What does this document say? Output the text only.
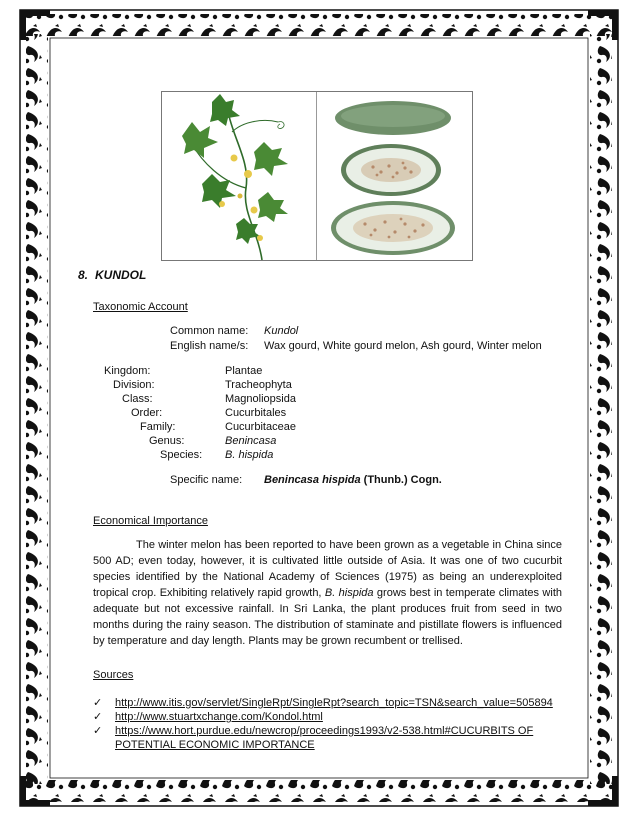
8. KUNDOL
Taxonomic Account
Common name: Kundol
English name/s: Wax gourd, White gourd melon, Ash gourd, Winter melon
Kingdom:	Plantae
Division:	Tracheophyta
Class:	Magnoliopsida
Order:	Cucurbitales
Family:	Cucurbitaceae
Genus:	Benincasa
Species: B. hispida
Specific name: Benincasa hispida (Thunb.) Cogn.
Economical Importance
The winter melon has been reported to have been grown as a vegetable in China since 500 AD; even today, however, it is cultivated little outside of Asia. It was one of two cucurbit species identified by the National Academy of Sciences (1975) as being an underexploited tropical crop. Exhibiting relatively rapid growth, B. hispida grows best in temperate climates with adequate but not excessive rainfall. In Sri Lanka, the plant produces fruit from seed in two months during the rainy season. The distribution of staminate and pistillate flowers is influenced by temperature and day length. Plants may be grown recumbent or trellised.
Sources
✓	http://www.itis.gov/servlet/SingleRpt/SingleRpt?search_topic=TSN&search_value=505894
✓	http://www.stuartxchange.com/Kondol.html
✓	https://www.hort.purdue.edu/newcrop/proceedings1993/v2-538.html#CUCURBITS OF POTENTIAL ECONOMIC IMPORTANCE
